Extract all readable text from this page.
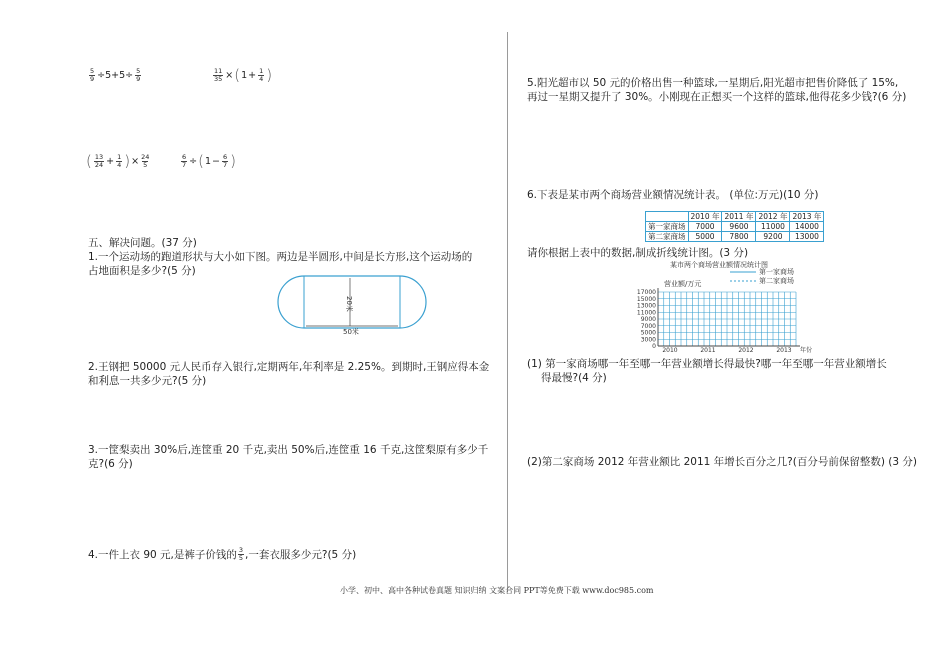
$\frac{5}{9} \div 5+5\div \frac{5}{9}$	$\frac{11}{35}$ × ( $1 + \frac{1}{4}$ )
( $\frac{13}{24} + \frac{1}{4}$ ) × $\frac{24}{5}$	$\frac{6}{7}$ ÷ ( $1 - \frac{6}{7}$ )
五、解决问题。(37 分)
1.一个运动场的跑道形状与大小如下图。两边是半圆形,中间是长方形,这个运动场的
占地面积是多少?(5 分)
20米
50米
2.王钢把 50000 元人民币存入银行,定期两年,年利率是 2.25%。到期时,王钢应得本金
和利息一共多少元?(5 分)
3.一筐梨卖出 30%后,连筐重 20 千克,卖出 50%后,连筐重 16 千克,这筐梨原有多少千
克?(6 分)
4.一件上衣 90 元,是裤子价钱的 $\frac{3}{5}$ ,一套衣服多少元?(5 分)
5.阳光超市以 50 元的价格出售一种篮球,一星期后,阳光超市把售价降低了 15%,
再过一星期又提升了 30%。小刚现在正想买一个这样的篮球,他得花多少钱?(6 分)
6.下表是某市两个商场营业额情况统计表。 (单位:万元)(10 分)
	2010 年	2011 年	2012 年	2013 年
第一家商场	7000	9600	11000	14000
第二家商场	5000	7800	9200	13000
请你根据上表中的数据,制成折线统计图。(3 分)
某市两个商场营业额情况统计图
第一家商场
第二家商场
营业额/万元
17000
15000
13000
11000
9000
7000
5000
3000
0
2010	2011	2012	2013 年份
(1) 第一家商场哪一年至哪一年营业额增长得最快?哪一年至哪一年营业额增长
得最慢?(4 分)
(2)第二家商场 2012 年营业额比 2011 年增长百分之几?(百分号前保留整数) (3 分)
小学、初中、高中各种试卷真题 知识归纳 文案合同 PPT等免费下载 www.doc985.com
